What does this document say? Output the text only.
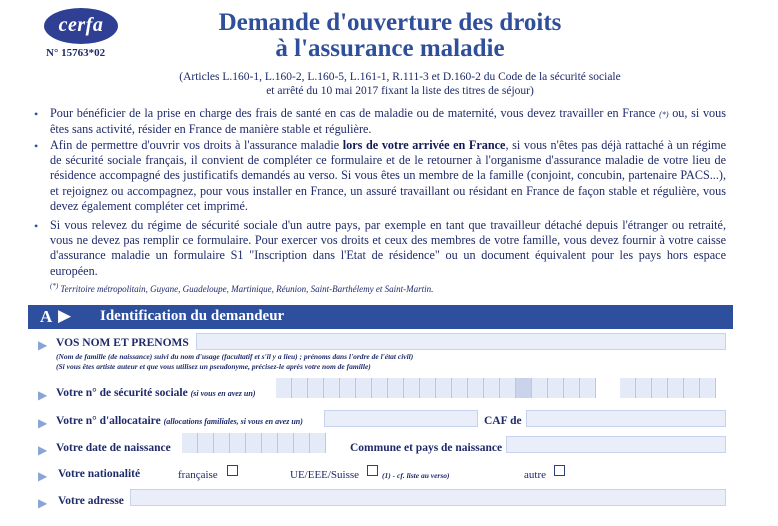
cerfa
N° 15763*02
Demande d'ouverture des droits
à l'assurance maladie
(Articles L.160-1, L.160-2, L.160-5, L.161-1, R.111-3 et D.160-2 du Code de la sécurité sociale
et arrêté du 10 mai 2017 fixant la liste des titres de séjour)
• Pour bénéficier de la prise en charge des frais de santé en cas de maladie ou de maternité, vous devez travailler en France (*) ou, si vous êtes sans activité, résider en France de manière stable et régulière.
• Afin de permettre d'ouvrir vos droits à l'assurance maladie lors de votre arrivée en France, si vous n'êtes pas déjà rattaché à un régime de sécurité sociale français, il convient de compléter ce formulaire et de le retourner à l'organisme d'assurance maladie de votre lieu de résidence accompagné des justificatifs demandés au verso. Si vous êtes un membre de la famille (conjoint, concubin, partenaire PACS...), et rejoignez ou accompagnez, pour vous installer en France, un assuré travaillant ou résidant en France de façon stable et régulière, vous devez également compléter cet imprimé.
• Si vous relevez du régime de sécurité sociale d'un autre pays, par exemple en tant que travailleur détaché depuis l'étranger ou retraité, vous ne devez pas remplir ce formulaire. Pour exercer vos droits et ceux des membres de votre famille, vous devez fournir à votre caisse d'assurance maladie un formulaire S1 "Inscription dans l'Etat de résidence" ou un document équivalent pour les pays hors espace européen.
(*) Territoire métropolitain, Guyane, Guadeloupe, Martinique, Réunion, Saint-Barthélemy et Saint-Martin.
A ▶ Identification du demandeur
▶ VOS NOM ET PRENOMS
(Nom de famille (de naissance) suivi du nom d'usage (facultatif et s'il y a lieu) ; prénoms dans l'ordre de l'état civil)
(Si vous êtes artiste auteur et que vous utilisez un pseudonyme, précisez-le après votre nom de famille)
▶ Votre n° de sécurité sociale (si vous en avez un)
▶ Votre n° d'allocataire (allocations familiales, si vous en avez un)	CAF de
▶ Votre date de naissance	Commune et pays de naissance
▶ Votre nationalité	française	UE/EEE/Suisse	(1) - cf. liste au verso)	autre
▶ Votre adresse
